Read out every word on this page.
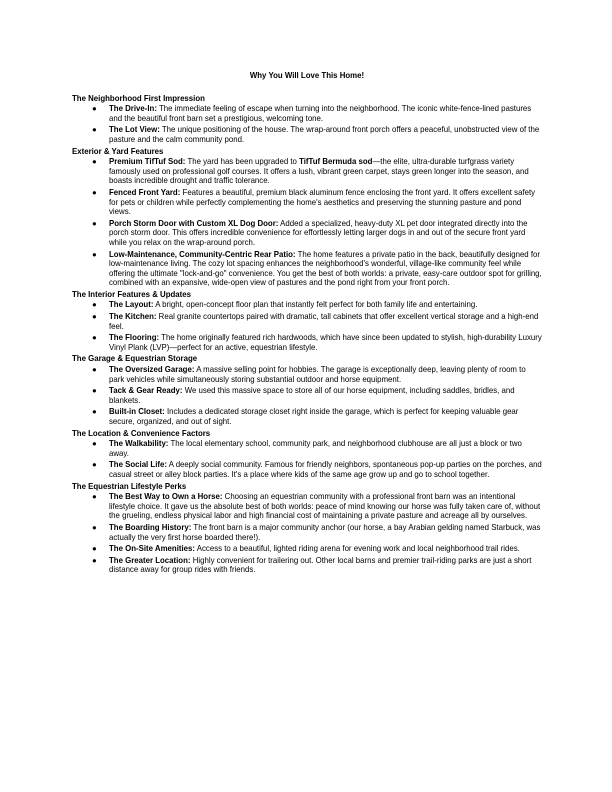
Why You Will Love This Home!
The Neighborhood First Impression
● The Drive-In: The immediate feeling of escape when turning into the neighborhood. The iconic white-fence-lined pastures and the beautiful front barn set a prestigious, welcoming tone.
● The Lot View: The unique positioning of the house. The wrap-around front porch offers a peaceful, unobstructed view of the pasture and the calm community pond.
Exterior & Yard Features
● Premium TifTuf Sod: The yard has been upgraded to TifTuf Bermuda sod—the elite, ultra-durable turfgrass variety famously used on professional golf courses. It offers a lush, vibrant green carpet, stays green longer into the season, and boasts incredible drought and traffic tolerance.
● Fenced Front Yard: Features a beautiful, premium black aluminum fence enclosing the front yard. It offers excellent safety for pets or children while perfectly complementing the home's aesthetics and preserving the stunning pasture and pond views.
● Porch Storm Door with Custom XL Dog Door: Added a specialized, heavy-duty XL pet door integrated directly into the porch storm door. This offers incredible convenience for effortlessly letting larger dogs in and out of the secure front yard while you relax on the wrap-around porch.
● Low-Maintenance, Community-Centric Rear Patio: The home features a private patio in the back, beautifully designed for low-maintenance living. The cozy lot spacing enhances the neighborhood's wonderful, village-like community feel while offering the ultimate "lock-and-go" convenience. You get the best of both worlds: a private, easy-care outdoor spot for grilling, combined with an expansive, wide-open view of pastures and the pond right from your front porch.
The Interior Features & Updates
● The Layout: A bright, open-concept floor plan that instantly felt perfect for both family life and entertaining.
● The Kitchen: Real granite countertops paired with dramatic, tall cabinets that offer excellent vertical storage and a high-end feel.
● The Flooring: The home originally featured rich hardwoods, which have since been updated to stylish, high-durability Luxury Vinyl Plank (LVP)—perfect for an active, equestrian lifestyle.
The Garage & Equestrian Storage
● The Oversized Garage: A massive selling point for hobbies. The garage is exceptionally deep, leaving plenty of room to park vehicles while simultaneously storing substantial outdoor and horse equipment.
● Tack & Gear Ready: We used this massive space to store all of our horse equipment, including saddles, bridles, and blankets.
● Built-in Closet: Includes a dedicated storage closet right inside the garage, which is perfect for keeping valuable gear secure, organized, and out of sight.
The Location & Convenience Factors
● The Walkability: The local elementary school, community park, and neighborhood clubhouse are all just a block or two away.
● The Social Life: A deeply social community. Famous for friendly neighbors, spontaneous pop-up parties on the porches, and casual street or alley block parties. It's a place where kids of the same age grow up and go to school together.
The Equestrian Lifestyle Perks
● The Best Way to Own a Horse: Choosing an equestrian community with a professional front barn was an intentional lifestyle choice. It gave us the absolute best of both worlds: peace of mind knowing our horse was fully taken care of, without the grueling, endless physical labor and high financial cost of maintaining a private pasture and acreage all by ourselves.
● The Boarding History: The front barn is a major community anchor (our horse, a bay Arabian gelding named Starbuck, was actually the very first horse boarded there!).
● The On-Site Amenities: Access to a beautiful, lighted riding arena for evening work and local neighborhood trail rides.
● The Greater Location: Highly convenient for trailering out. Other local barns and premier trail-riding parks are just a short distance away for group rides with friends.
